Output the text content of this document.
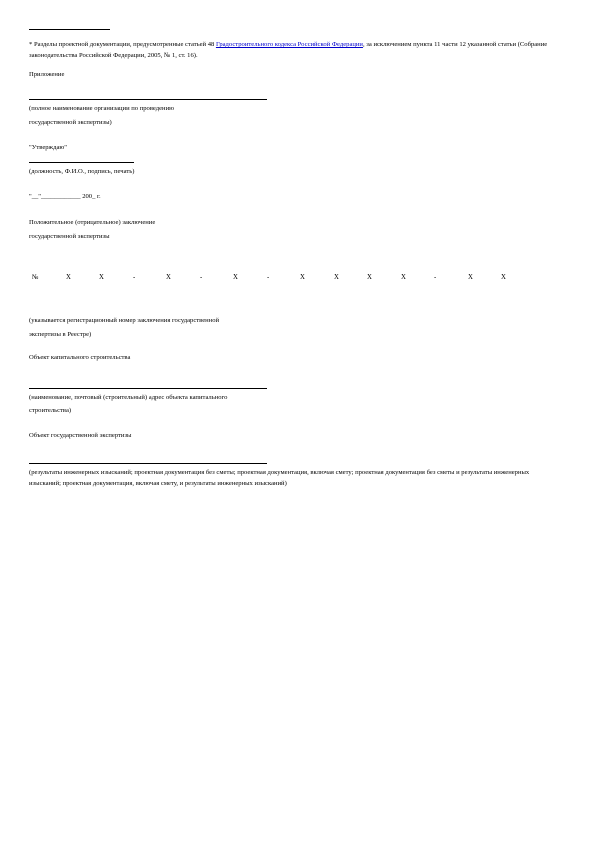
* Разделы проектной документации, предусмотренные статьей 48 Градостроительного кодекса Российской Федерации, за исключением пункта 11 части 12 указанной статьи (Собрание законодательства Российской Федерации, 2005, № 1, ст. 16).
Приложение
(полное наименование организации по проведению
государственной экспертизы)
"Утверждаю"
(должность, Ф.И.О., подпись, печать)
"__"____________ 200_ г.
Положительное (отрицательное) заключение
государственной экспертизы
№	Х	Х	-	Х	-	Х	-	Х	Х	Х	Х	-	Х	Х
(указывается регистрационный номер заключения государственной
экспертизы в Реестре)
Объект капитального строительства
(наименование, почтовый (строительный) адрес объекта капитального
строительства)
Объект государственной экспертизы
(результаты инженерных изысканий; проектная документация без сметы; проектная документация, включая смету; проектная документация без сметы и результаты инженерных изысканий; проектная документация, включая смету, и результаты инженерных изысканий)
